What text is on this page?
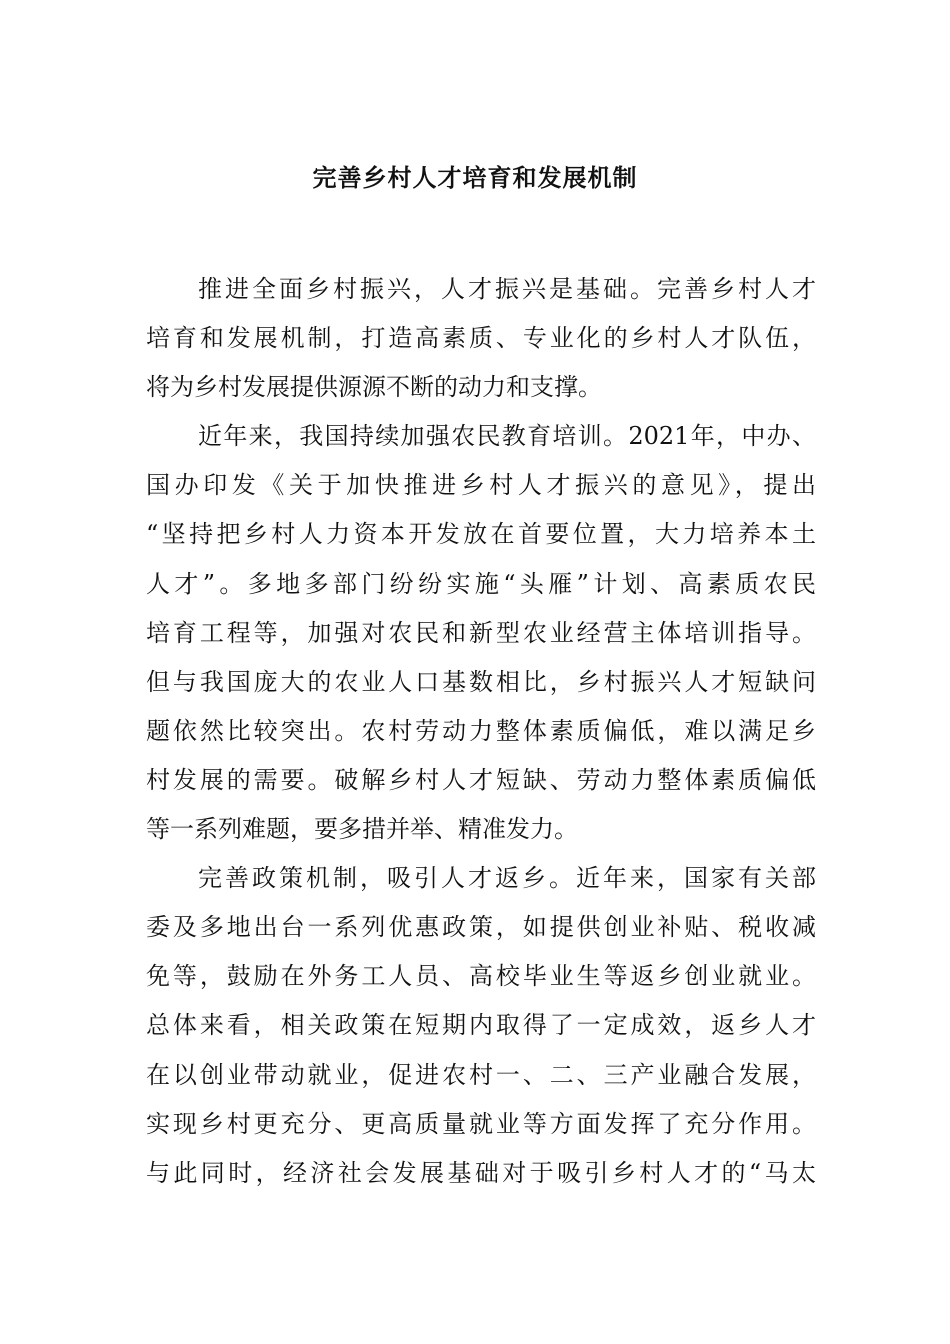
完善乡村人才培育和发展机制
推进全面乡村振兴，人才振兴是基础。完善乡村人才
培育和发展机制，打造高素质、专业化的乡村人才队伍，
将为乡村发展提供源源不断的动力和支撑。
近年来，我国持续加强农民教育培训。2021年，中办、
国办印发《关于加快推进乡村人才振兴的意见》，提出
“坚持把乡村人力资本开发放在首要位置，大力培养本土
人才”。多地多部门纷纷实施“头雁”计划、高素质农民
培育工程等，加强对农民和新型农业经营主体培训指导。
但与我国庞大的农业人口基数相比，乡村振兴人才短缺问
题依然比较突出。农村劳动力整体素质偏低，难以满足乡
村发展的需要。破解乡村人才短缺、劳动力整体素质偏低
等一系列难题，要多措并举、精准发力。
完善政策机制，吸引人才返乡。近年来，国家有关部
委及多地出台一系列优惠政策，如提供创业补贴、税收减
免等，鼓励在外务工人员、高校毕业生等返乡创业就业。
总体来看，相关政策在短期内取得了一定成效，返乡人才
在以创业带动就业，促进农村一、二、三产业融合发展，
实现乡村更充分、更高质量就业等方面发挥了充分作用。
与此同时，经济社会发展基础对于吸引乡村人才的“马太
